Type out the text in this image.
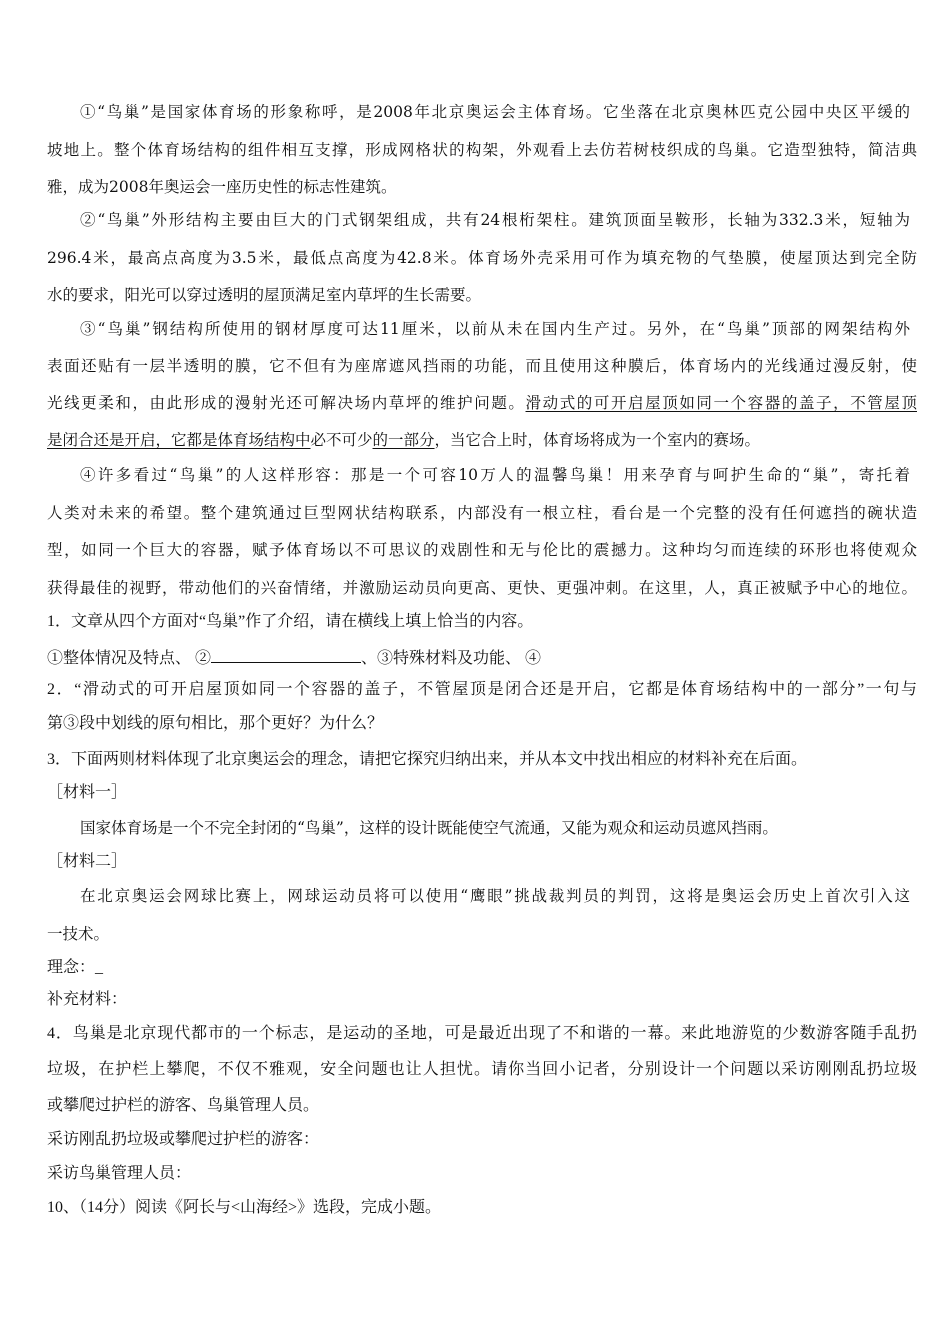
①“鸟巢”是国家体育场的形象称呼，是2008年北京奥运会主体育场。它坐落在北京奥林匹克公园中央区平缓的
坡地上。整个体育场结构的组件相互支撑，形成网格状的构架，外观看上去仿若树枝织成的鸟巢。它造型独特，简洁典
雅，成为2008年奥运会一座历史性的标志性建筑。
②“鸟巢”外形结构主要由巨大的门式钢架组成，共有24根桁架柱。建筑顶面呈鞍形，长轴为332.3米，短轴为
296.4米，最高点高度为3.5米，最低点高度为42.8米。体育场外壳采用可作为填充物的气垫膜，使屋顶达到完全防
水的要求，阳光可以穿过透明的屋顶满足室内草坪的生长需要。
③“鸟巢”钢结构所使用的钢材厚度可达11厘米，以前从未在国内生产过。另外，在“鸟巢”顶部的网架结构外
表面还贴有一层半透明的膜，它不但有为座席遮风挡雨的功能，而且使用这种膜后，体育场内的光线通过漫反射，使
光线更柔和，由此形成的漫射光还可解决场内草坪的维护问题。滑动式的可开启屋顶如同一个容器的盖子，不管屋顶
是闭合还是开启，它都是体育场结构中必不可少的一部分，当它合上时，体育场将成为一个室内的赛场。
④许多看过“鸟巢”的人这样形容：那是一个可容10万人的温馨鸟巢！用来孕育与呵护生命的“巢”，寄托着
人类对未来的希望。整个建筑通过巨型网状结构联系，内部没有一根立柱，看台是一个完整的没有任何遮挡的碗状造
型，如同一个巨大的容器，赋予体育场以不可思议的戏剧性和无与伦比的震撼力。这种均匀而连续的环形也将使观众
获得最佳的视野，带动他们的兴奋情绪，并激励运动员向更高、更快、更强冲刺。在这里，人，真正被赋予中心的地位。
1．文章从四个方面对“鸟巢”作了介绍，请在横线上填上恰当的内容。
①整体情况及特点、 ②	、③特殊材料及功能、 ④
2．“滑动式的可开启屋顶如同一个容器的盖子，不管屋顶是闭合还是开启，它都是体育场结构中的一部分”一句与
第③段中划线的原句相比，那个更好？为什么？
3．下面两则材料体现了北京奥运会的理念，请把它探究归纳出来，并从本文中找出相应的材料补充在后面。
［材料一］
国家体育场是一个不完全封闭的“鸟巢”，这样的设计既能使空气流通，又能为观众和运动员遮风挡雨。
［材料二］
在北京奥运会网球比赛上，网球运动员将可以使用“鹰眼”挑战裁判员的判罚，这将是奥运会历史上首次引入这
一技术。
理念：_
补充材料：
4．鸟巢是北京现代都市的一个标志，是运动的圣地，可是最近出现了不和谐的一幕。来此地游览的少数游客随手乱扔
垃圾，在护栏上攀爬，不仅不雅观，安全问题也让人担忧。请你当回小记者，分别设计一个问题以采访刚刚乱扔垃圾
或攀爬过护栏的游客、鸟巢管理人员。
采访刚乱扔垃圾或攀爬过护栏的游客：
采访鸟巢管理人员：
10、（14分）阅读《阿长与<山海经>》选段，完成小题。
